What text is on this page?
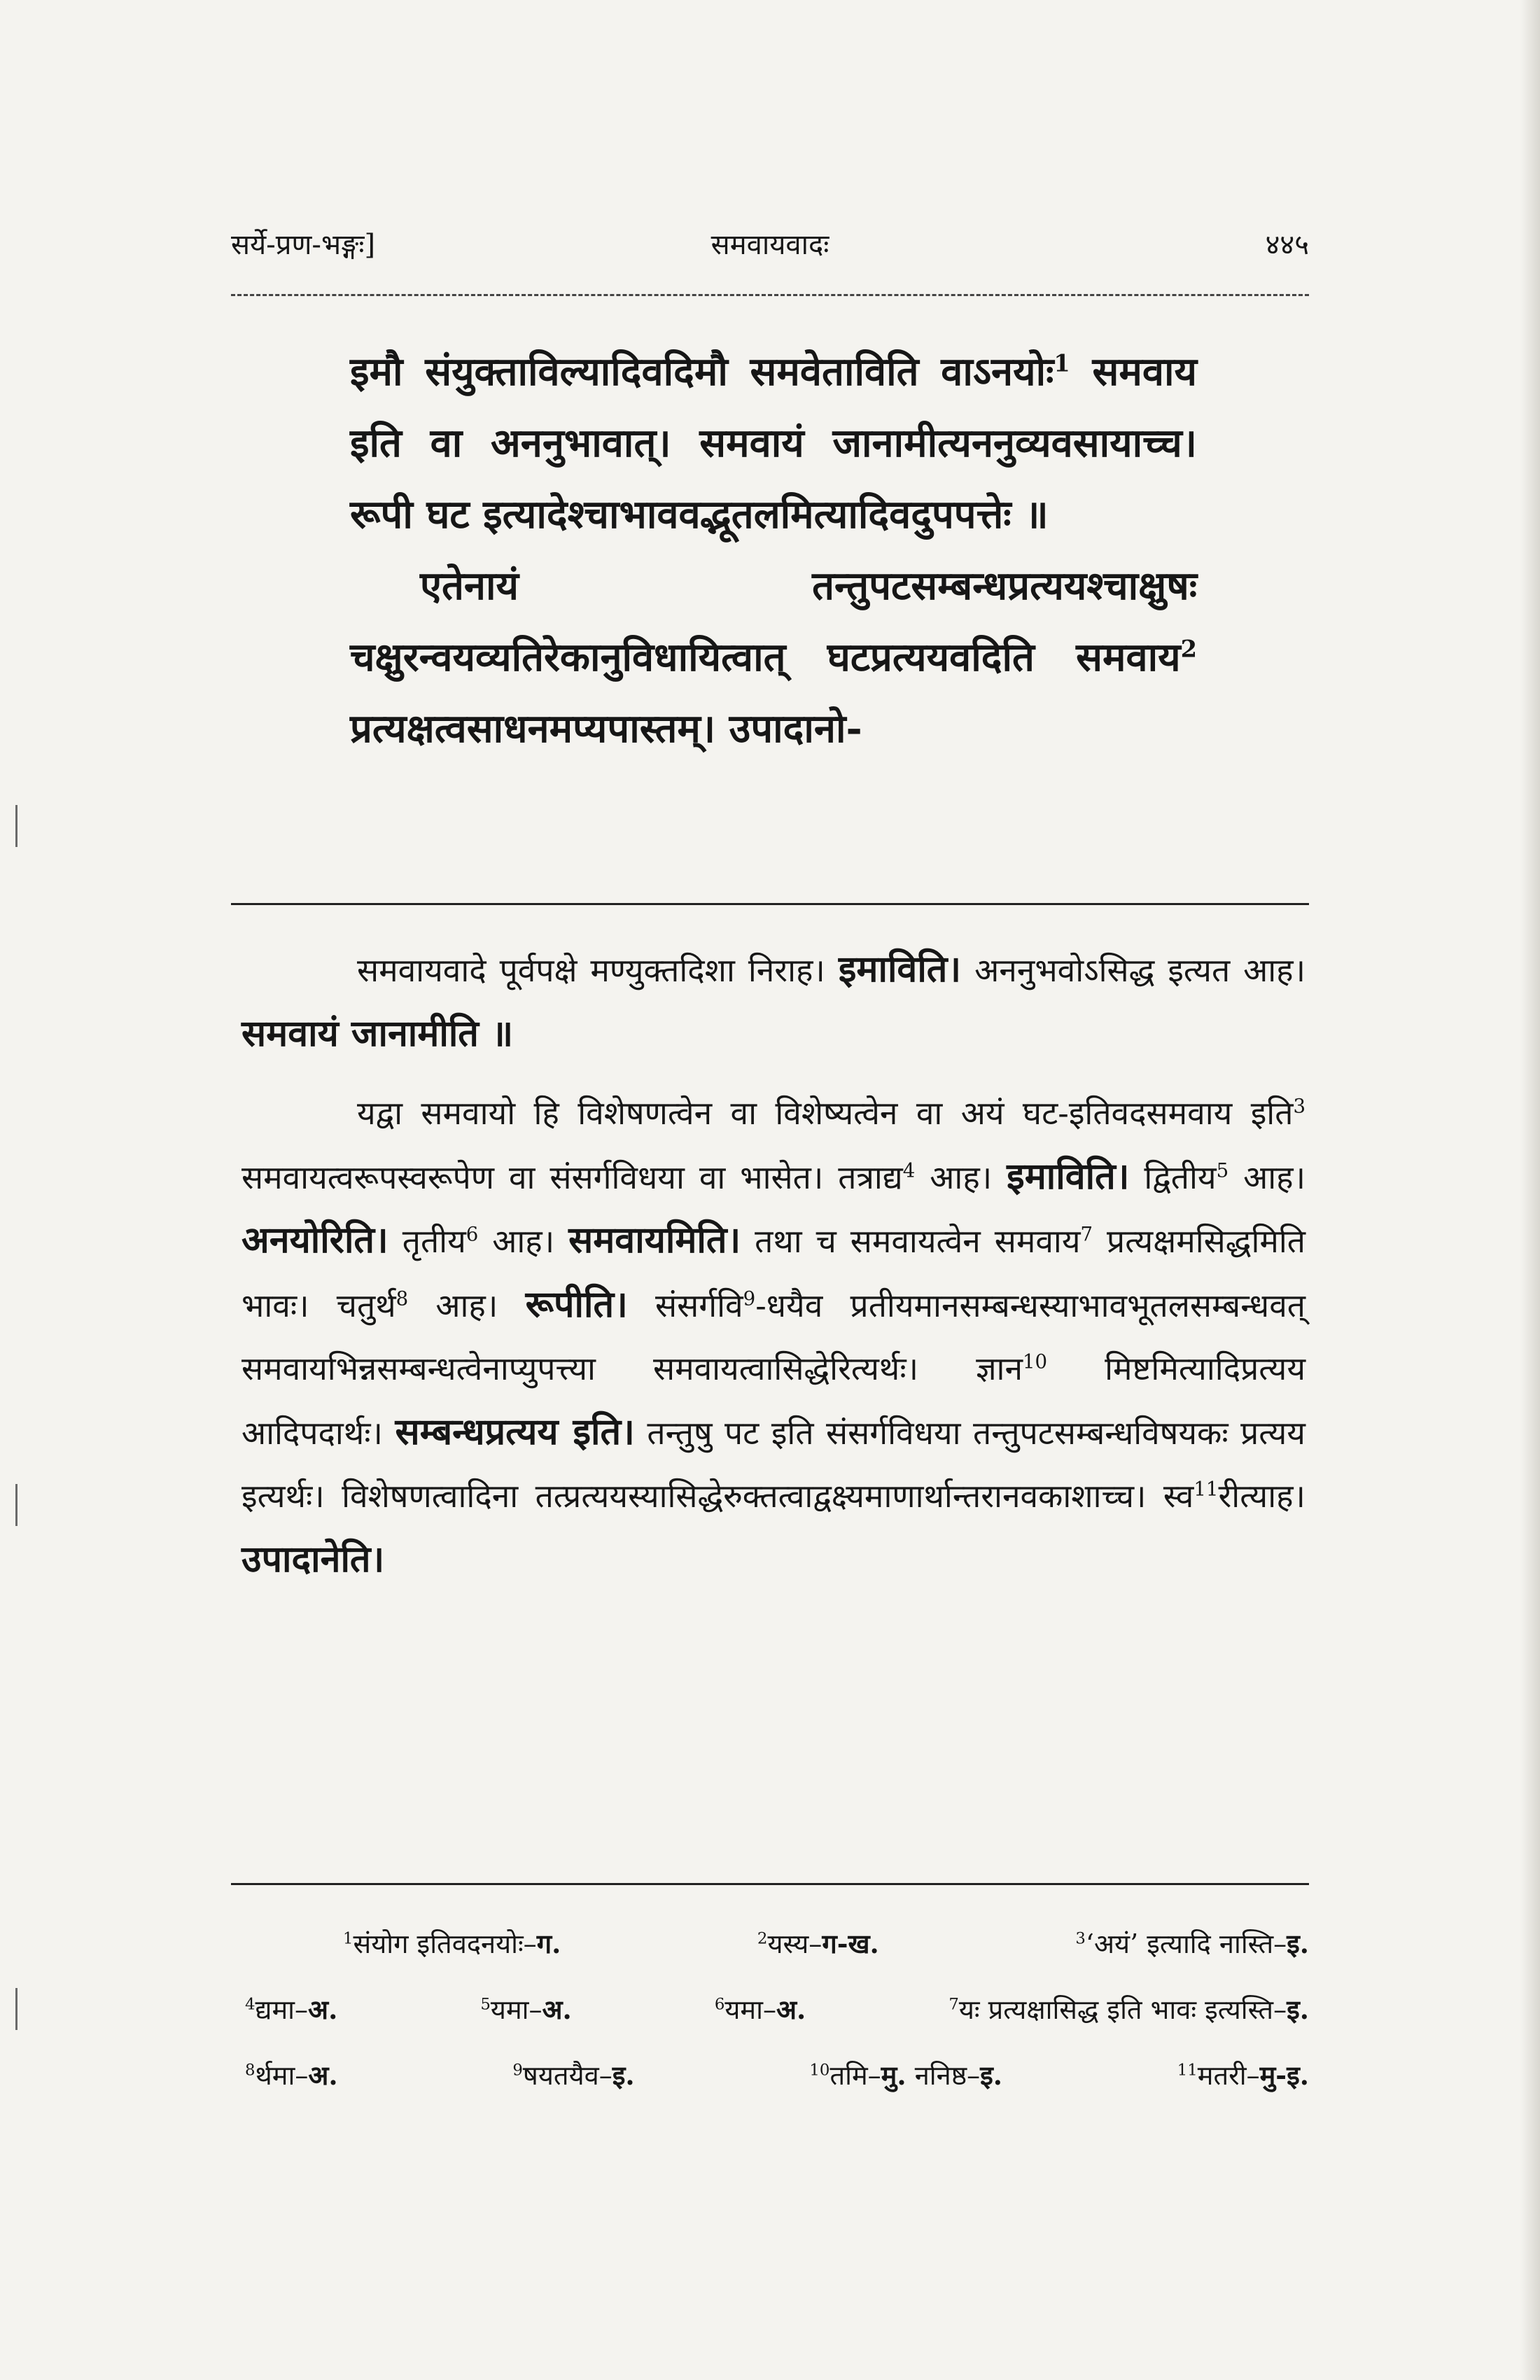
सर्ये-प्रण-भङ्गः]	समवायवादः	४४५

इमौ संयुक्ताविल्यादिवदिमौ समवेताविति वाऽनयोः$^1$ समवाय इति वा अननुभावात्। समवायं जानामीत्यननुव्यवसायाच्च। रूपी घट इत्यादेश्चाभाववद्भूतलमित्यादिवदुपपत्तेः ॥

एतेनायं तन्तुपटसम्बन्धप्रत्ययश्चाक्षुषः चक्षुरन्वयव्यतिरेकानुविधायित्वात् घटप्रत्ययवदिति समवाय$^2$ प्रत्यक्षत्वसाधनमप्यपास्तम्। उपादानो-

समवायवादे पूर्वपक्षे मण्युक्तदिशा निराह। इमाविति। अननुभवोऽसिद्ध इत्यत आह। समवायं जानामीति ॥

यद्वा समवायो हि विशेषणत्वेन वा विशेष्यत्वेन वा अयं घट-इतिवदसमवाय इति$^3$ समवायत्वरूपस्वरूपेण वा संसर्गविधया वा भासेत। तत्राद्य$^4$ आह। इमाविति। द्वितीय$^5$ आह। अनयोरिति। तृतीय$^6$ आह। समवायमिति। तथा च समवायत्वेन समवाय$^7$ प्रत्यक्षमसिद्धमिति भावः। चतुर्थ$^8$ आह। रूपीति। संसर्गवि$^9$-धयैव प्रतीयमानसम्बन्धस्याभावभूतलसम्बन्धवत् समवायभिन्नसम्बन्धत्वेनाप्युपत्त्या समवायत्वासिद्धेरित्यर्थः। ज्ञान$^{10}$ मिष्टमित्यादिप्रत्यय आदिपदार्थः। सम्बन्धप्रत्यय इति। तन्तुषु पट इति संसर्गविधया तन्तुपटसम्बन्धविषयकः प्रत्यय इत्यर्थः। विशेषणत्वादिना तत्प्रत्ययस्यासिद्धेरुक्तत्वाद्वक्ष्यमाणार्थान्तरानवकाशाच्च। स्व$^{11}$रीत्याह। उपादानेति।

$^1$संयोग इतिवदनयोः–ग.	$^2$यस्य–ग-ख.	$^3$‘अयं’ इत्यादि नास्ति–इ.
$^4$द्यमा–अ.	$^5$यमा–अ.	$^6$यमा–अ.	$^7$यः प्रत्यक्षासिद्ध इति भावः इत्यस्ति–इ.
$^8$र्थमा–अ.	$^9$षयतयैव–इ.	$^{10}$तमि–मु. ननिष्ठ–इ.	$^{11}$मतरी–मु-इ.
